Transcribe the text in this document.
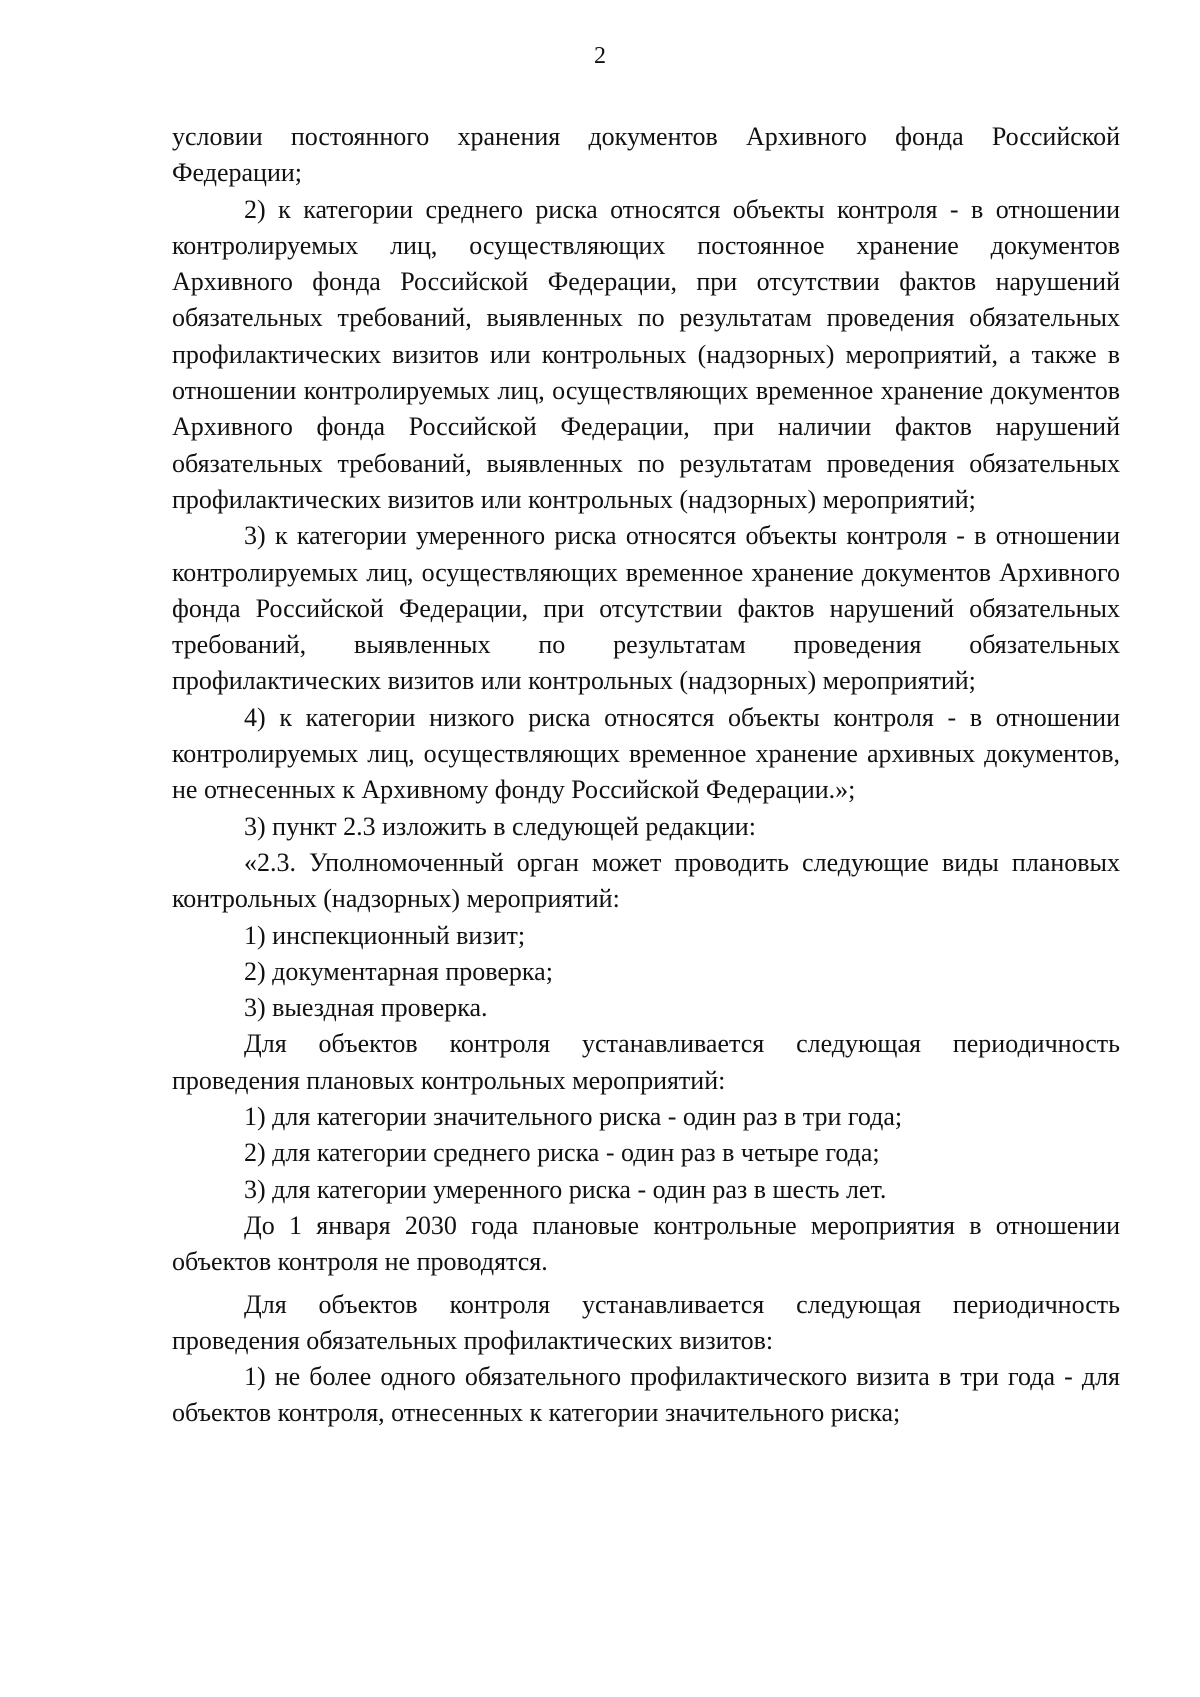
2

условии постоянного хранения документов Архивного фонда Российской Федерации;

2) к категории среднего риска относятся объекты контроля - в отношении контролируемых лиц, осуществляющих постоянное хранение документов Архивного фонда Российской Федерации, при отсутствии фактов нарушений обязательных требований, выявленных по результатам проведения обязательных профилактических визитов или контрольных (надзорных) мероприятий, а также в отношении контролируемых лиц, осуществляющих временное хранение документов Архивного фонда Российской Федерации, при наличии фактов нарушений обязательных требований, выявленных по результатам проведения обязательных профилактических визитов или контрольных (надзорных) мероприятий;

3) к категории умеренного риска относятся объекты контроля - в отношении контролируемых лиц, осуществляющих временное хранение документов Архивного фонда Российской Федерации, при отсутствии фактов нарушений обязательных требований, выявленных по результатам проведения обязательных профилактических визитов или контрольных (надзорных) мероприятий;

4) к категории низкого риска относятся объекты контроля - в отношении контролируемых лиц, осуществляющих временное хранение архивных документов, не отнесенных к Архивному фонду Российской Федерации.»;

3) пункт 2.3 изложить в следующей редакции:

«2.3. Уполномоченный орган может проводить следующие виды плановых контрольных (надзорных) мероприятий:

1) инспекционный визит;

2) документарная проверка;

3) выездная проверка.

Для объектов контроля устанавливается следующая периодичность проведения плановых контрольных мероприятий:

1) для категории значительного риска - один раз в три года;

2) для категории среднего риска - один раз в четыре года;

3) для категории умеренного риска - один раз в шесть лет.

До 1 января 2030 года плановые контрольные мероприятия в отношении объектов контроля не проводятся.

Для объектов контроля устанавливается следующая периодичность проведения обязательных профилактических визитов:

1) не более одного обязательного профилактического визита в три года - для объектов контроля, отнесенных к категории значительного риска;
